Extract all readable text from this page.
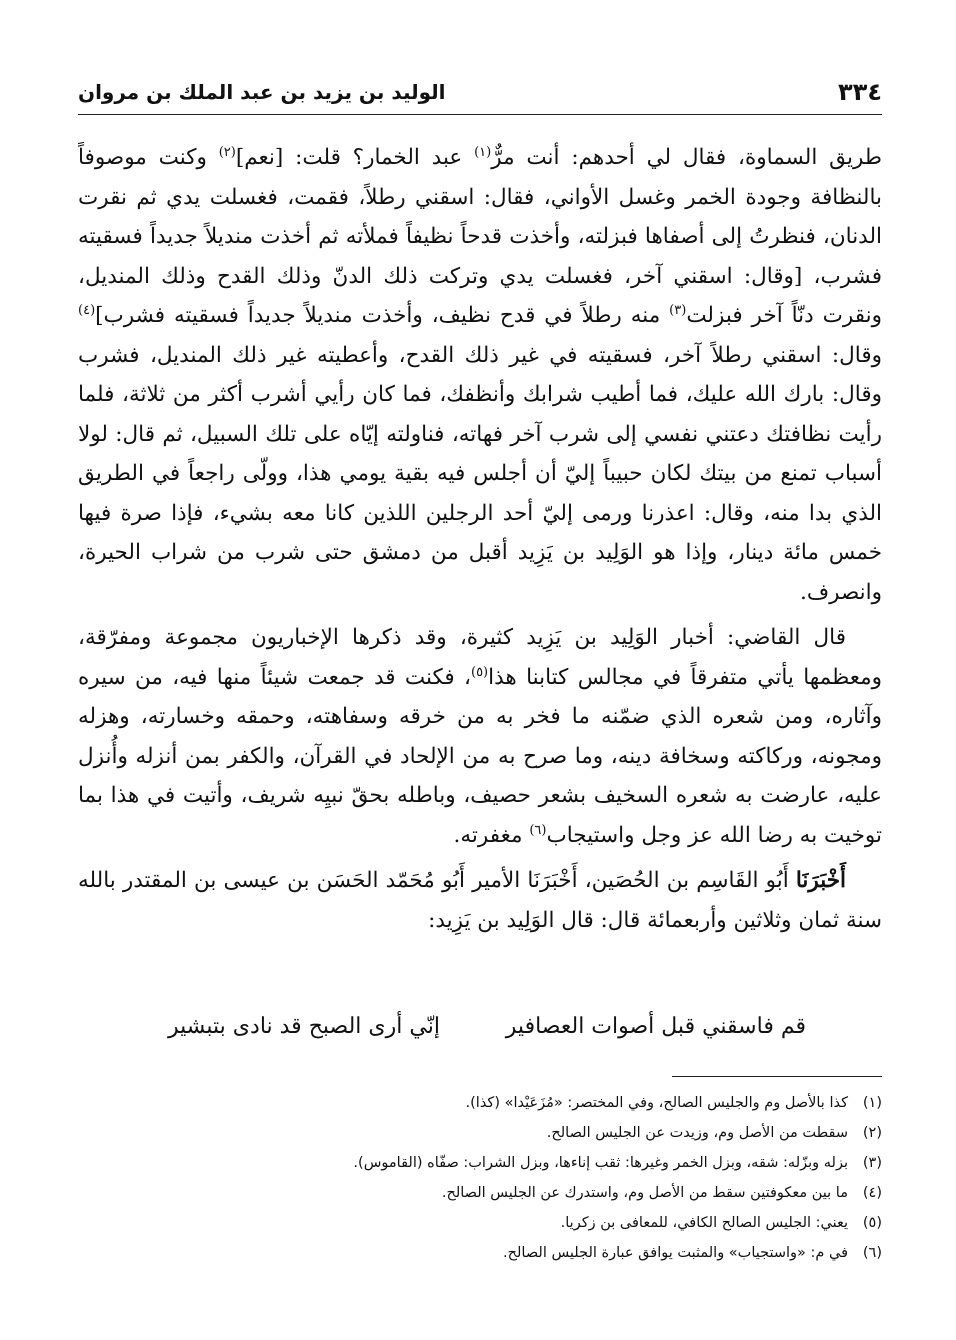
٣٣٤
الوليد بن يزيد بن عبد الملك بن مروان

طريق السماوة، فقال لي أحدهم: أنت مرٌّ$^{(١)}$ عبد الخمار؟ قلت: [نعم]$^{(٢)}$ وكنت موصوفاً بالنظافة وجودة الخمر وغسل الأواني، فقال: اسقني رطلاً، فقمت، فغسلت يدي ثم نقرت الدنان، فنظرتُ إلى أصفاها فبزلته، وأخذت قدحاً نظيفاً فملأته ثم أخذت منديلاً جديداً فسقيته فشرب، [وقال: اسقني آخر، فغسلت يدي وتركت ذلك الدنّ وذلك القدح وذلك المنديل، ونقرت دنّاً آخر فبزلت$^{(٣)}$ منه رطلاً في قدح نظيف، وأخذت منديلاً جديداً فسقيته فشرب]$^{(٤)}$ وقال: اسقني رطلاً آخر، فسقيته في غير ذلك القدح، وأعطيته غير ذلك المنديل، فشرب وقال: بارك الله عليك، فما أطيب شرابك وأنظفك، فما كان رأيي أشرب أكثر من ثلاثة، فلما رأيت نظافتك دعتني نفسي إلى شرب آخر فهاته، فناولته إيّاه على تلك السبيل، ثم قال: لولا أسباب تمنع من بيتك لكان حبيباً إليّ أن أجلس فيه بقية يومي هذا، وولّى راجعاً في الطريق الذي بدا منه، وقال: اعذرنا ورمى إليّ أحد الرجلين اللذين كانا معه بشيء، فإذا صرة فيها خمس مائة دينار، وإذا هو الوَلِيد بن يَزِيد أقبل من دمشق حتى شرب من شراب الحيرة، وانصرف.

قال القاضي: أخبار الوَلِيد بن يَزِيد كثيرة، وقد ذكرها الإخباريون مجموعة ومفرّقة، ومعظمها يأتي متفرقاً في مجالس كتابنا هذا$^{(٥)}$، فكنت قد جمعت شيئاً منها فيه، من سيره وآثاره، ومن شعره الذي ضمّنه ما فخر به من خرقه وسفاهته، وحمقه وخسارته، وهزله ومجونه، وركاكته وسخافة دينه، وما صرح به من الإلحاد في القرآن، والكفر بمن أنزله وأُنزل عليه، عارضت به شعره السخيف بشعر حصيف، وباطله بحقّ نبيِه شريف، وأتيت في هذا بما توخيت به رضا الله عز وجل واستيجاب$^{(٦)}$ مغفرته.

أَخْبَرَنَا أَبُو القَاسِم بن الحُصَين، أَخْبَرَنَا الأمير أَبُو مُحَمّد الحَسَن بن عيسى بن المقتدر بالله سنة ثمان وثلاثين وأربعمائة قال: قال الوَلِيد بن يَزِيد:

قم فاسقني قبل أصوات العصافير
إنّي أرى الصبح قد نادى بتبشير
(١)كذا بالأصل وم والجليس الصالح، وفي المختصر: «مُزَعَيْدا» (كذا).
(٢)سقطت من الأصل وم، وزيدت عن الجليس الصالح.
(٣)بزله وبزّله: شقه، وبزل الخمر وغيرها: ثقب إناءها، وبزل الشراب: صفّاه (القاموس).
(٤)ما بين معكوفتين سقط من الأصل وم، واستدرك عن الجليس الصالح.
(٥)يعني: الجليس الصالح الكافي، للمعافى بن زكريا.
(٦)في م: «واستجياب» والمثبت يوافق عبارة الجليس الصالح.
